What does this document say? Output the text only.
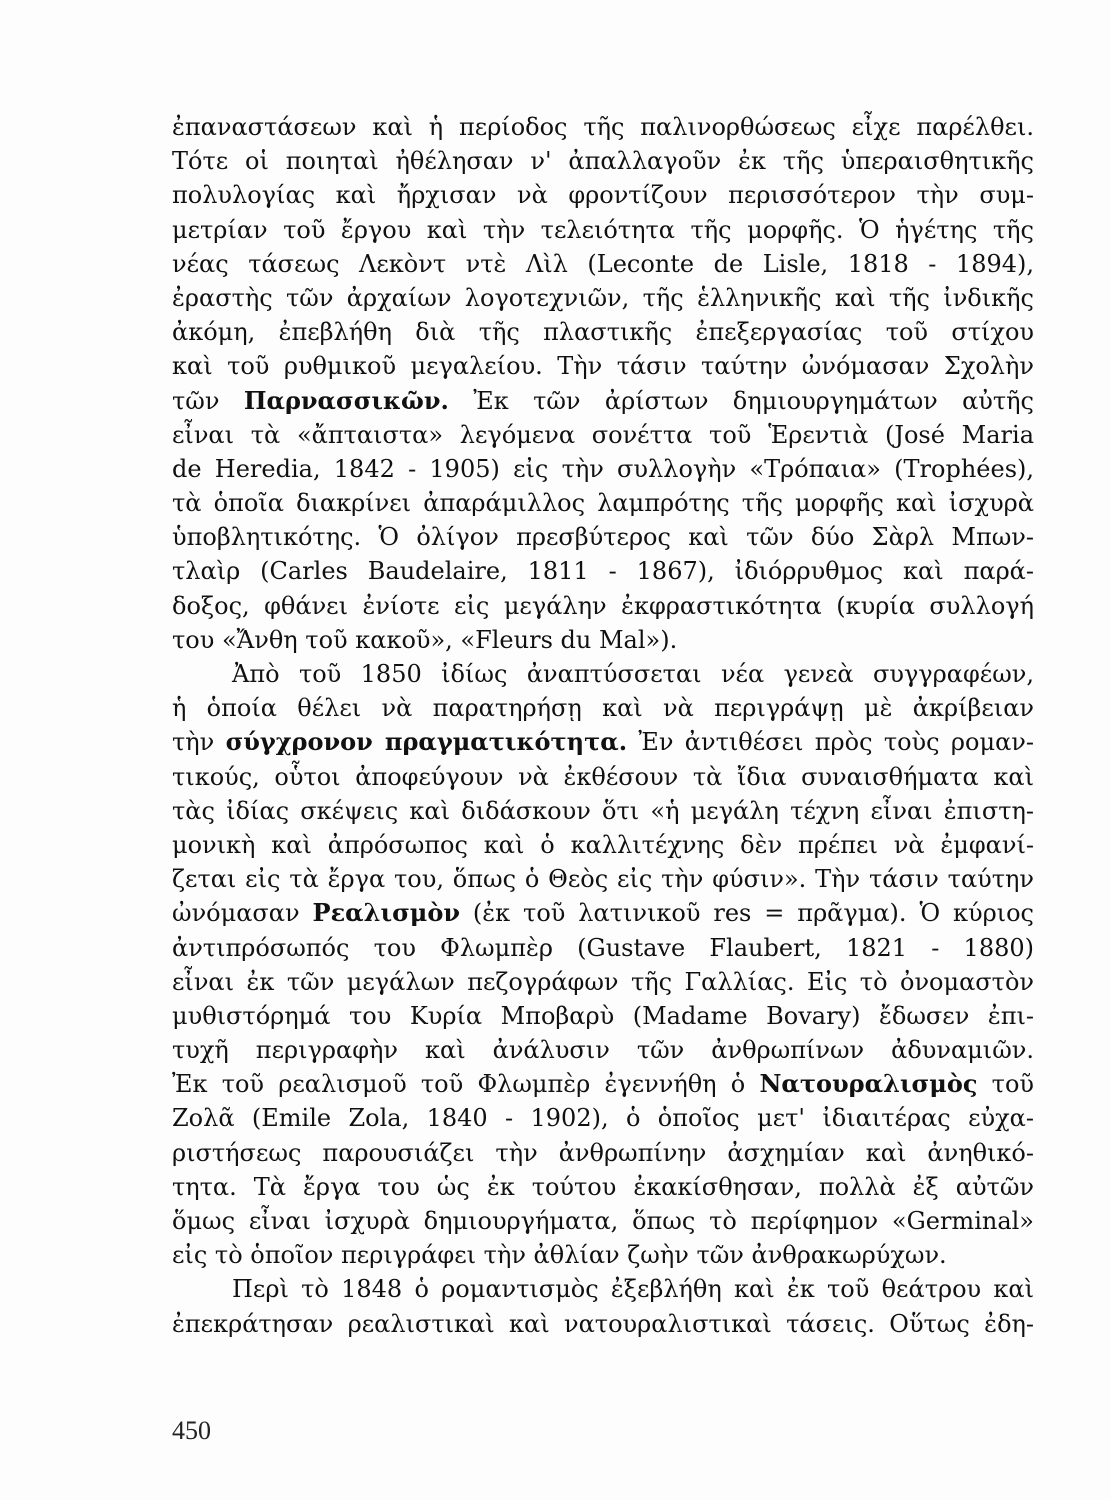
ἐπαναστάσεων καὶ ἡ περίοδος τῆς παλινορθώσεως εἶχε παρέλθει.
Τότε οἱ ποιηταὶ ἠθέλησαν ν' ἀπαλλαγοῦν ἐκ τῆς ὑπεραισθητικῆς
πολυλογίας καὶ ἤρχισαν νὰ φροντίζουν περισσότερον τὴν συμ-
μετρίαν τοῦ ἔργου καὶ τὴν τελειότητα τῆς μορφῆς. Ὁ ἡγέτης τῆς
νέας τάσεως Λεκὸντ ντὲ Λὶλ (Leconte de Lisle, 1818 - 1894),
ἐραστὴς τῶν ἀρχαίων λογοτεχνιῶν, τῆς ἑλληνικῆς καὶ τῆς ἰνδικῆς
ἀκόμη, ἐπεβλήθη διὰ τῆς πλαστικῆς ἐπεξεργασίας τοῦ στίχου
καὶ τοῦ ρυθμικοῦ μεγαλείου. Τὴν τάσιν ταύτην ὠνόμασαν Σχολὴν
τῶν Παρνασσικῶν. Ἐκ τῶν ἀρίστων δημιουργημάτων αὐτῆς
εἶναι τὰ «ἄπταιστα» λεγόμενα σονέττα τοῦ Ἑρεντιὰ (José Maria
de Heredia, 1842 - 1905) εἰς τὴν συλλογὴν «Τρόπαια» (Trophées),
τὰ ὁποῖα διακρίνει ἀπαράμιλλος λαμπρότης τῆς μορφῆς καὶ ἰσχυρὰ
ὑποβλητικότης. Ὁ ὀλίγον πρεσβύτερος καὶ τῶν δύο Σὰρλ Μπων-
τλαὶρ (Carles Baudelaire, 1811 - 1867), ἰδιόρρυθμος καὶ παρά-
δοξος, φθάνει ἐνίοτε εἰς μεγάλην ἐκφραστικότητα (κυρία συλλογή
του «Ἄνθη τοῦ κακοῦ», «Fleurs du Mal»).
Ἀπὸ τοῦ 1850 ἰδίως ἀναπτύσσεται νέα γενεὰ συγγραφέων,
ἡ ὁποία θέλει νὰ παρατηρήσῃ καὶ νὰ περιγράψῃ μὲ ἀκρίβειαν
τὴν σύγχρονον πραγματικότητα. Ἐν ἀντιθέσει πρὸς τοὺς ρομαν-
τικούς, οὗτοι ἀποφεύγουν νὰ ἐκθέσουν τὰ ἴδια συναισθήματα καὶ
τὰς ἰδίας σκέψεις καὶ διδάσκουν ὅτι «ἡ μεγάλη τέχνη εἶναι ἐπιστη-
μονικὴ καὶ ἀπρόσωπος καὶ ὁ καλλιτέχνης δὲν πρέπει νὰ ἐμφανί-
ζεται εἰς τὰ ἔργα του, ὅπως ὁ Θεὸς εἰς τὴν φύσιν». Τὴν τάσιν ταύτην
ὠνόμασαν Ρεαλισμὸν (ἐκ τοῦ λατινικοῦ res = πρᾶγμα). Ὁ κύριος
ἀντιπρόσωπός του Φλωμπὲρ (Gustave Flaubert, 1821 - 1880)
εἶναι ἐκ τῶν μεγάλων πεζογράφων τῆς Γαλλίας. Εἰς τὸ ὀνομαστὸν
μυθιστόρημά του Κυρία Μποβαρὺ (Madame Bovary) ἔδωσεν ἐπι-
τυχῆ περιγραφὴν καὶ ἀνάλυσιν τῶν ἀνθρωπίνων ἀδυναμιῶν.
Ἐκ τοῦ ρεαλισμοῦ τοῦ Φλωμπὲρ ἐγεννήθη ὁ Νατουραλισμὸς τοῦ
Ζολᾶ (Emile Zola, 1840 - 1902), ὁ ὁποῖος μετ' ἰδιαιτέρας εὐχα-
ριστήσεως παρουσιάζει τὴν ἀνθρωπίνην ἀσχημίαν καὶ ἀνηθικό-
τητα. Τὰ ἔργα του ὡς ἐκ τούτου ἐκακίσθησαν, πολλὰ ἐξ αὐτῶν
ὅμως εἶναι ἰσχυρὰ δημιουργήματα, ὅπως τὸ περίφημον «Germinal»
εἰς τὸ ὁποῖον περιγράφει τὴν ἀθλίαν ζωὴν τῶν ἀνθρακωρύχων.
Περὶ τὸ 1848 ὁ ρομαντισμὸς ἐξεβλήθη καὶ ἐκ τοῦ θεάτρου καὶ
ἐπεκράτησαν ρεαλιστικαὶ καὶ νατουραλιστικαὶ τάσεις. Οὕτως ἐδη-
450
